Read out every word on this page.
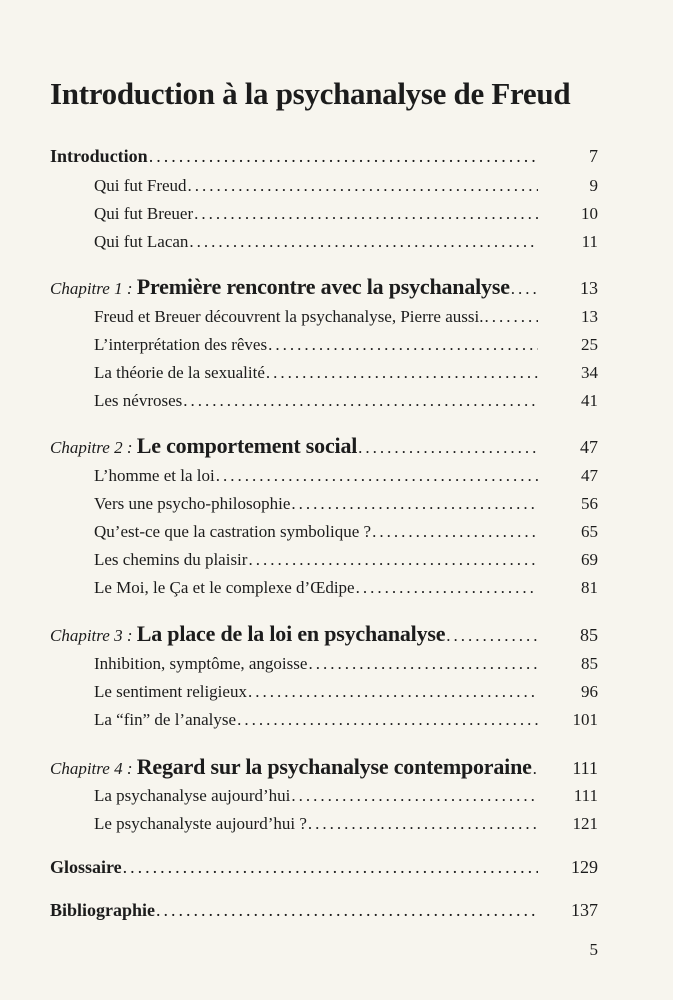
Introduction à la psychanalyse de Freud
Introduction .....	7
Qui fut Freud .....	9
Qui fut Breuer .....	10
Qui fut Lacan .....	11
Chapitre 1 : Première rencontre avec la psychanalyse .....	13
Freud et Breuer découvrent la psychanalyse, Pierre aussi. .....	13
L’interprétation des rêves .....	25
La théorie de la sexualité .....	34
Les névroses .....	41
Chapitre 2 : Le comportement social .....	47
L’homme et la loi .....	47
Vers une psycho-philosophie .....	56
Qu’est-ce que la castration symbolique ? .....	65
Les chemins du plaisir .....	69
Le Moi, le Ça et le complexe d’Œdipe .....	81
Chapitre 3 : La place de la loi en psychanalyse .....	85
Inhibition, symptôme, angoisse .....	85
Le sentiment religieux .....	96
La “fin” de l’analyse .....	101
Chapitre 4 : Regard sur la psychanalyse contemporaine .....	111
La psychanalyse aujourd’hui .....	111
Le psychanalyste aujourd’hui ? .....	121
Glossaire .....	129
Bibliographie .....	137
5
